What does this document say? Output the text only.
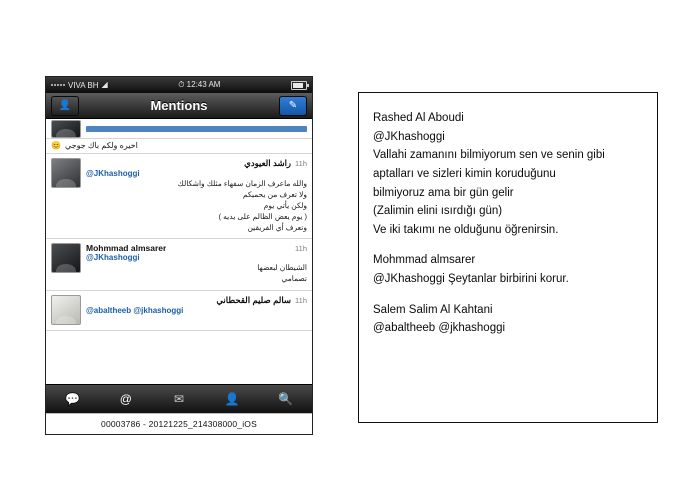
VIVA BH ◢	⏱ 12:43 AM
👤	Mentions	✎
اخيره ولكم باك جوجي
😊
راشد العيودي 11h
@JKhashoggi
والله ماعرف الزمان سفهاء مثلك واشكالك
ولا تعرف من يحميكم
ولكن يأتي يوم
( يوم يعض الظالم على يديه )
وتعرف أي الفريقين
Mohmmad almsarer	11h
@JKhashoggi
الشيطان لبعضها
تصمامي
سالم صليم القحطاني 11h
@abaltheeb @jkhashoggi
💬	@	✉	👤	🔍
00003786 - 20121225_214308000_iOS

Rashed Al Aboudi

@JKhashoggi

Vallahi zamanını bilmiyorum sen ve senin gibi

aptalları ve sizleri kimin koruduğunu

bilmiyoruz ama bir gün gelir

(Zalimin elini ısırdığı gün)

Ve iki takımı ne olduğunu öğrenirsin.

Mohmmad almsarer

@JKhashoggi Şeytanlar birbirini korur.

Salem Salim Al Kahtani

@abaltheeb @jkhashoggi
